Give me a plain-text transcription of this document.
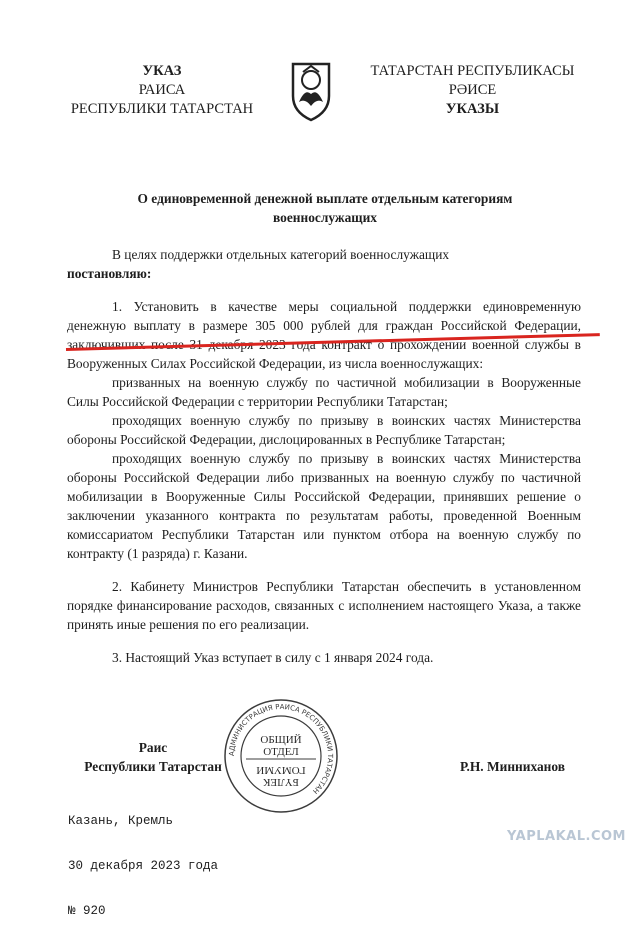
УКАЗ
РАИСА
РЕСПУБЛИКИ ТАТАРСТАН
ТАТАРСТАН РЕСПУБЛИКАСЫ
РӘИСЕ
УКАЗЫ
О единовременной денежной выплате отдельным категориям военнослужащих

В целях поддержки отдельных категорий военнослужащих

постановляю:

1. Установить в качестве меры социальной поддержки единовременную денежную выплату в размере 305 000 рублей для граждан Российской Федерации, заключивших после 31 декабря 2023 года контракт о прохождении военной службы в Вооруженных Силах Российской Федерации, из числа военнослужащих:

призванных на военную службу по частичной мобилизации в Вооруженные Силы Российской Федерации с территории Республики Татарстан;

проходящих военную службу по призыву в воинских частях Министерства обороны Российской Федерации, дислоцированных в Республике Татарстан;

проходящих военную службу по призыву в воинских частях Министерства обороны Российской Федерации либо призванных на военную службу по частичной мобилизации в Вооруженные Силы Российской Федерации, принявших решение о заключении указанного контракта по результатам работы, проведенной Военным комиссариатом Республики Татарстан или пунктом отбора на военную службу по контракту (1 разряда) г. Казани.

2. Кабинету Министров Республики Татарстан обеспечить в установленном порядке финансирование расходов, связанных с исполнением настоящего Указа, а также принять иные решения по его реализации.

3. Настоящий Указ вступает в силу с 1 января 2024 года.

АДМИНИСТРАЦИЯ РАИСА РЕСПУБЛИКИ ТАТАРСТАН
ОБЩИЙ
ОТДЕЛ
БҮЛЕК
ГОМУМИ
Раис
Республики Татарстан	Р.Н. Минниханов

Казань, Кремль

30 декабря 2023 года

№ 920

YAPLAKAL.COM
